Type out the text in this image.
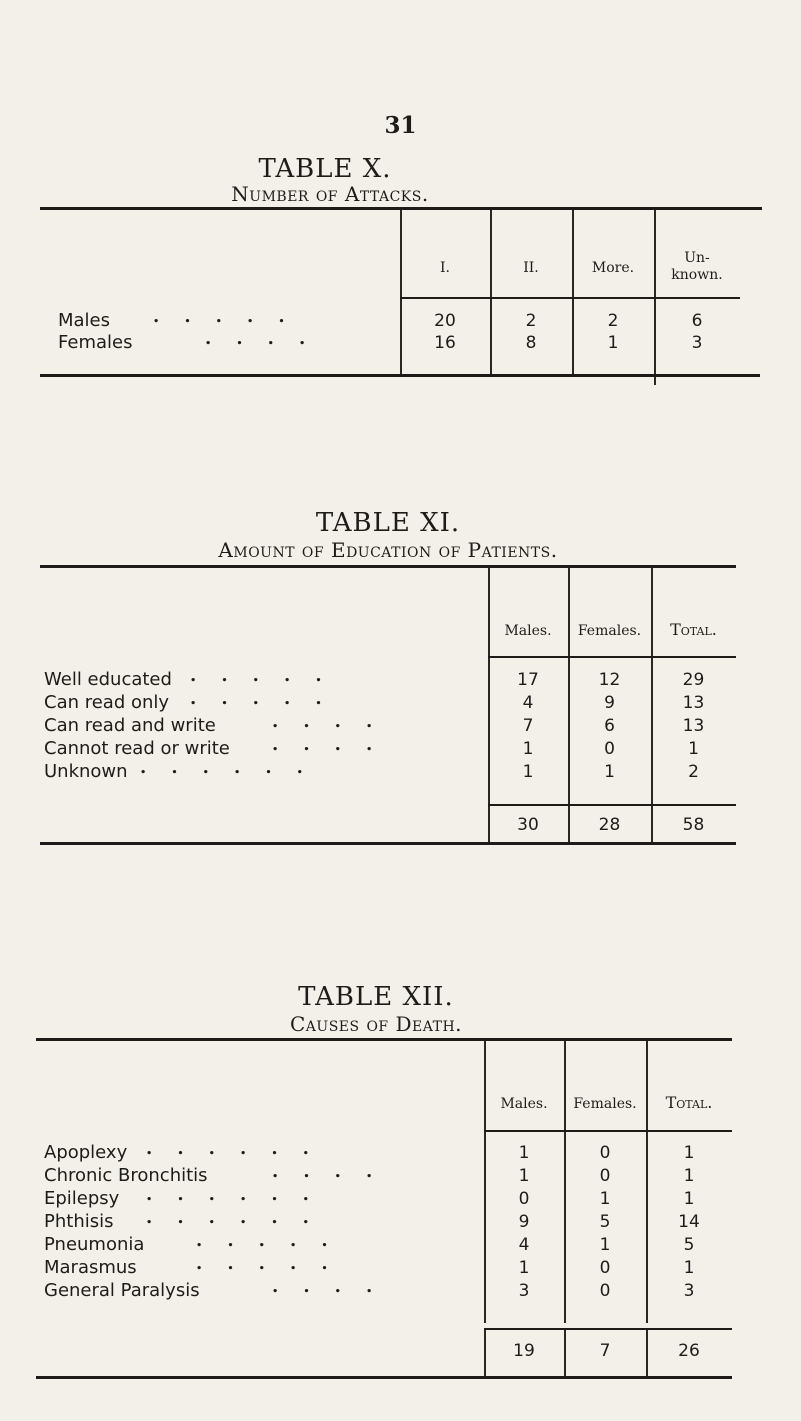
31
TABLE X.
Number of Attacks.
I.	II.	More.
Un-
known.
Males .    .    .    .    .	20	2	2	6
Females	.    .    .    .	16	8	1	3
TABLE XI.
Amount of Education of Patients.
Males.	Females.	Total.
Well educated .    .    .    .    .	17	12	29
Can read only .    .    .    .    .	4	9	13
Can read and write	.    .    .    .	7	6	13
Cannot read or write .    .    .    .	1	0	1
Unknown .    .    .    .    .    .	1	1	2
30	28	58
TABLE XII.
Causes of Death.
Males.	Females.	Total.
Apoplexy .    .    .    .    .    .	1	0	1
Chronic Bronchitis	.    .    .    .	1	0	1
Epilepsy .    .    .    .    .    .	0	1	1
Phthisis .    .    .    .    .    .	9	5	14
Pneumonia	.    .    .    .    .	4	1	5
Marasmus	.    .    .    .    .	1	0	1
General Paralysis	.    .    .    .	3	0	3
19	7	26
